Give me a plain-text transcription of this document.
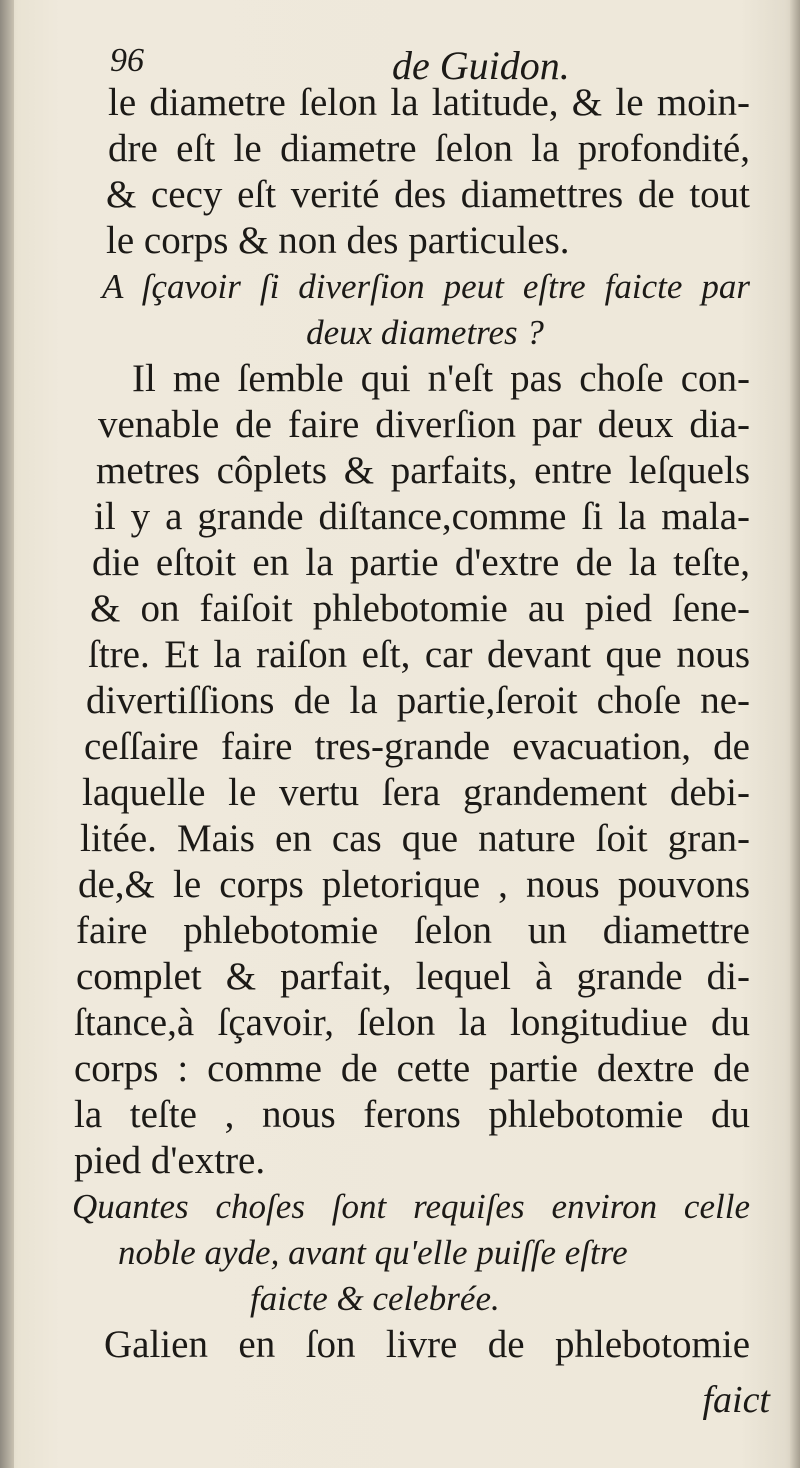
96	de Guidon.
le diametre ſelon la latitude, & le moin-
dre eſt le diametre ſelon la profondité,
& cecy eſt verité des diamettres de tout
le corps & non des particules.
A ſçavoir ſi diverſion peut eſtre faicte par
deux diametres ?
Il me ſemble qui n'eſt pas choſe con-
venable de faire diverſion par deux dia-
metres côplets & parfaits, entre leſquels
il y a grande diſtance,comme ſi la mala-
die eſtoit en la partie d'extre de la teſte,
& on faiſoit phlebotomie au pied ſene-
ſtre. Et la raiſon eſt, car devant que nous
divertiſſions de la partie,ſeroit choſe ne-
ceſſaire faire tres-grande evacuation, de
laquelle le vertu ſera grandement debi-
litée. Mais en cas que nature ſoit gran-
de,& le corps pletorique , nous pouvons
faire phlebotomie ſelon un diamettre
complet & parfait, lequel à grande di-
ſtance,à ſçavoir, ſelon la longitudiue du
corps : comme de cette partie dextre de
la teſte , nous ferons phlebotomie du
pied d'extre.
Quantes choſes ſont requiſes environ celle
noble ayde, avant qu'elle puiſſe eſtre
faicte & celebrée.
Galien en ſon livre de phlebotomie
faict
